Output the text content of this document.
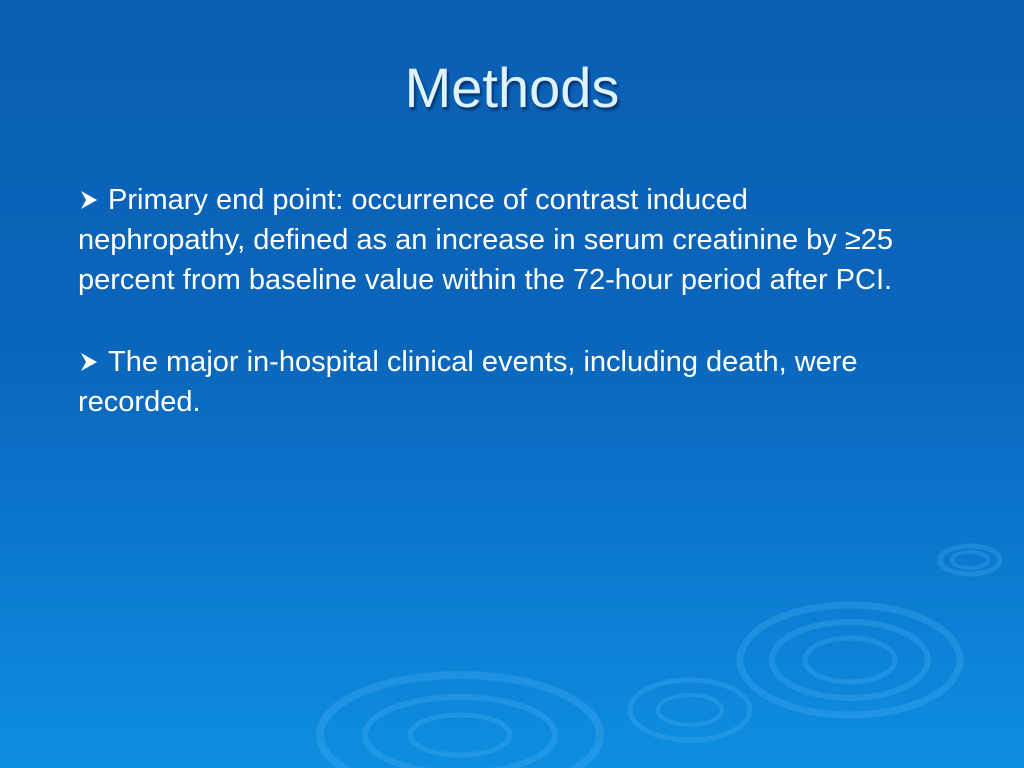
Methods
Primary end point: occurrence of contrast induced nephropathy, defined as an increase in serum creatinine by ≥25 percent from baseline value within the 72-hour period after PCI.
The major in-hospital clinical events, including death, were recorded.
